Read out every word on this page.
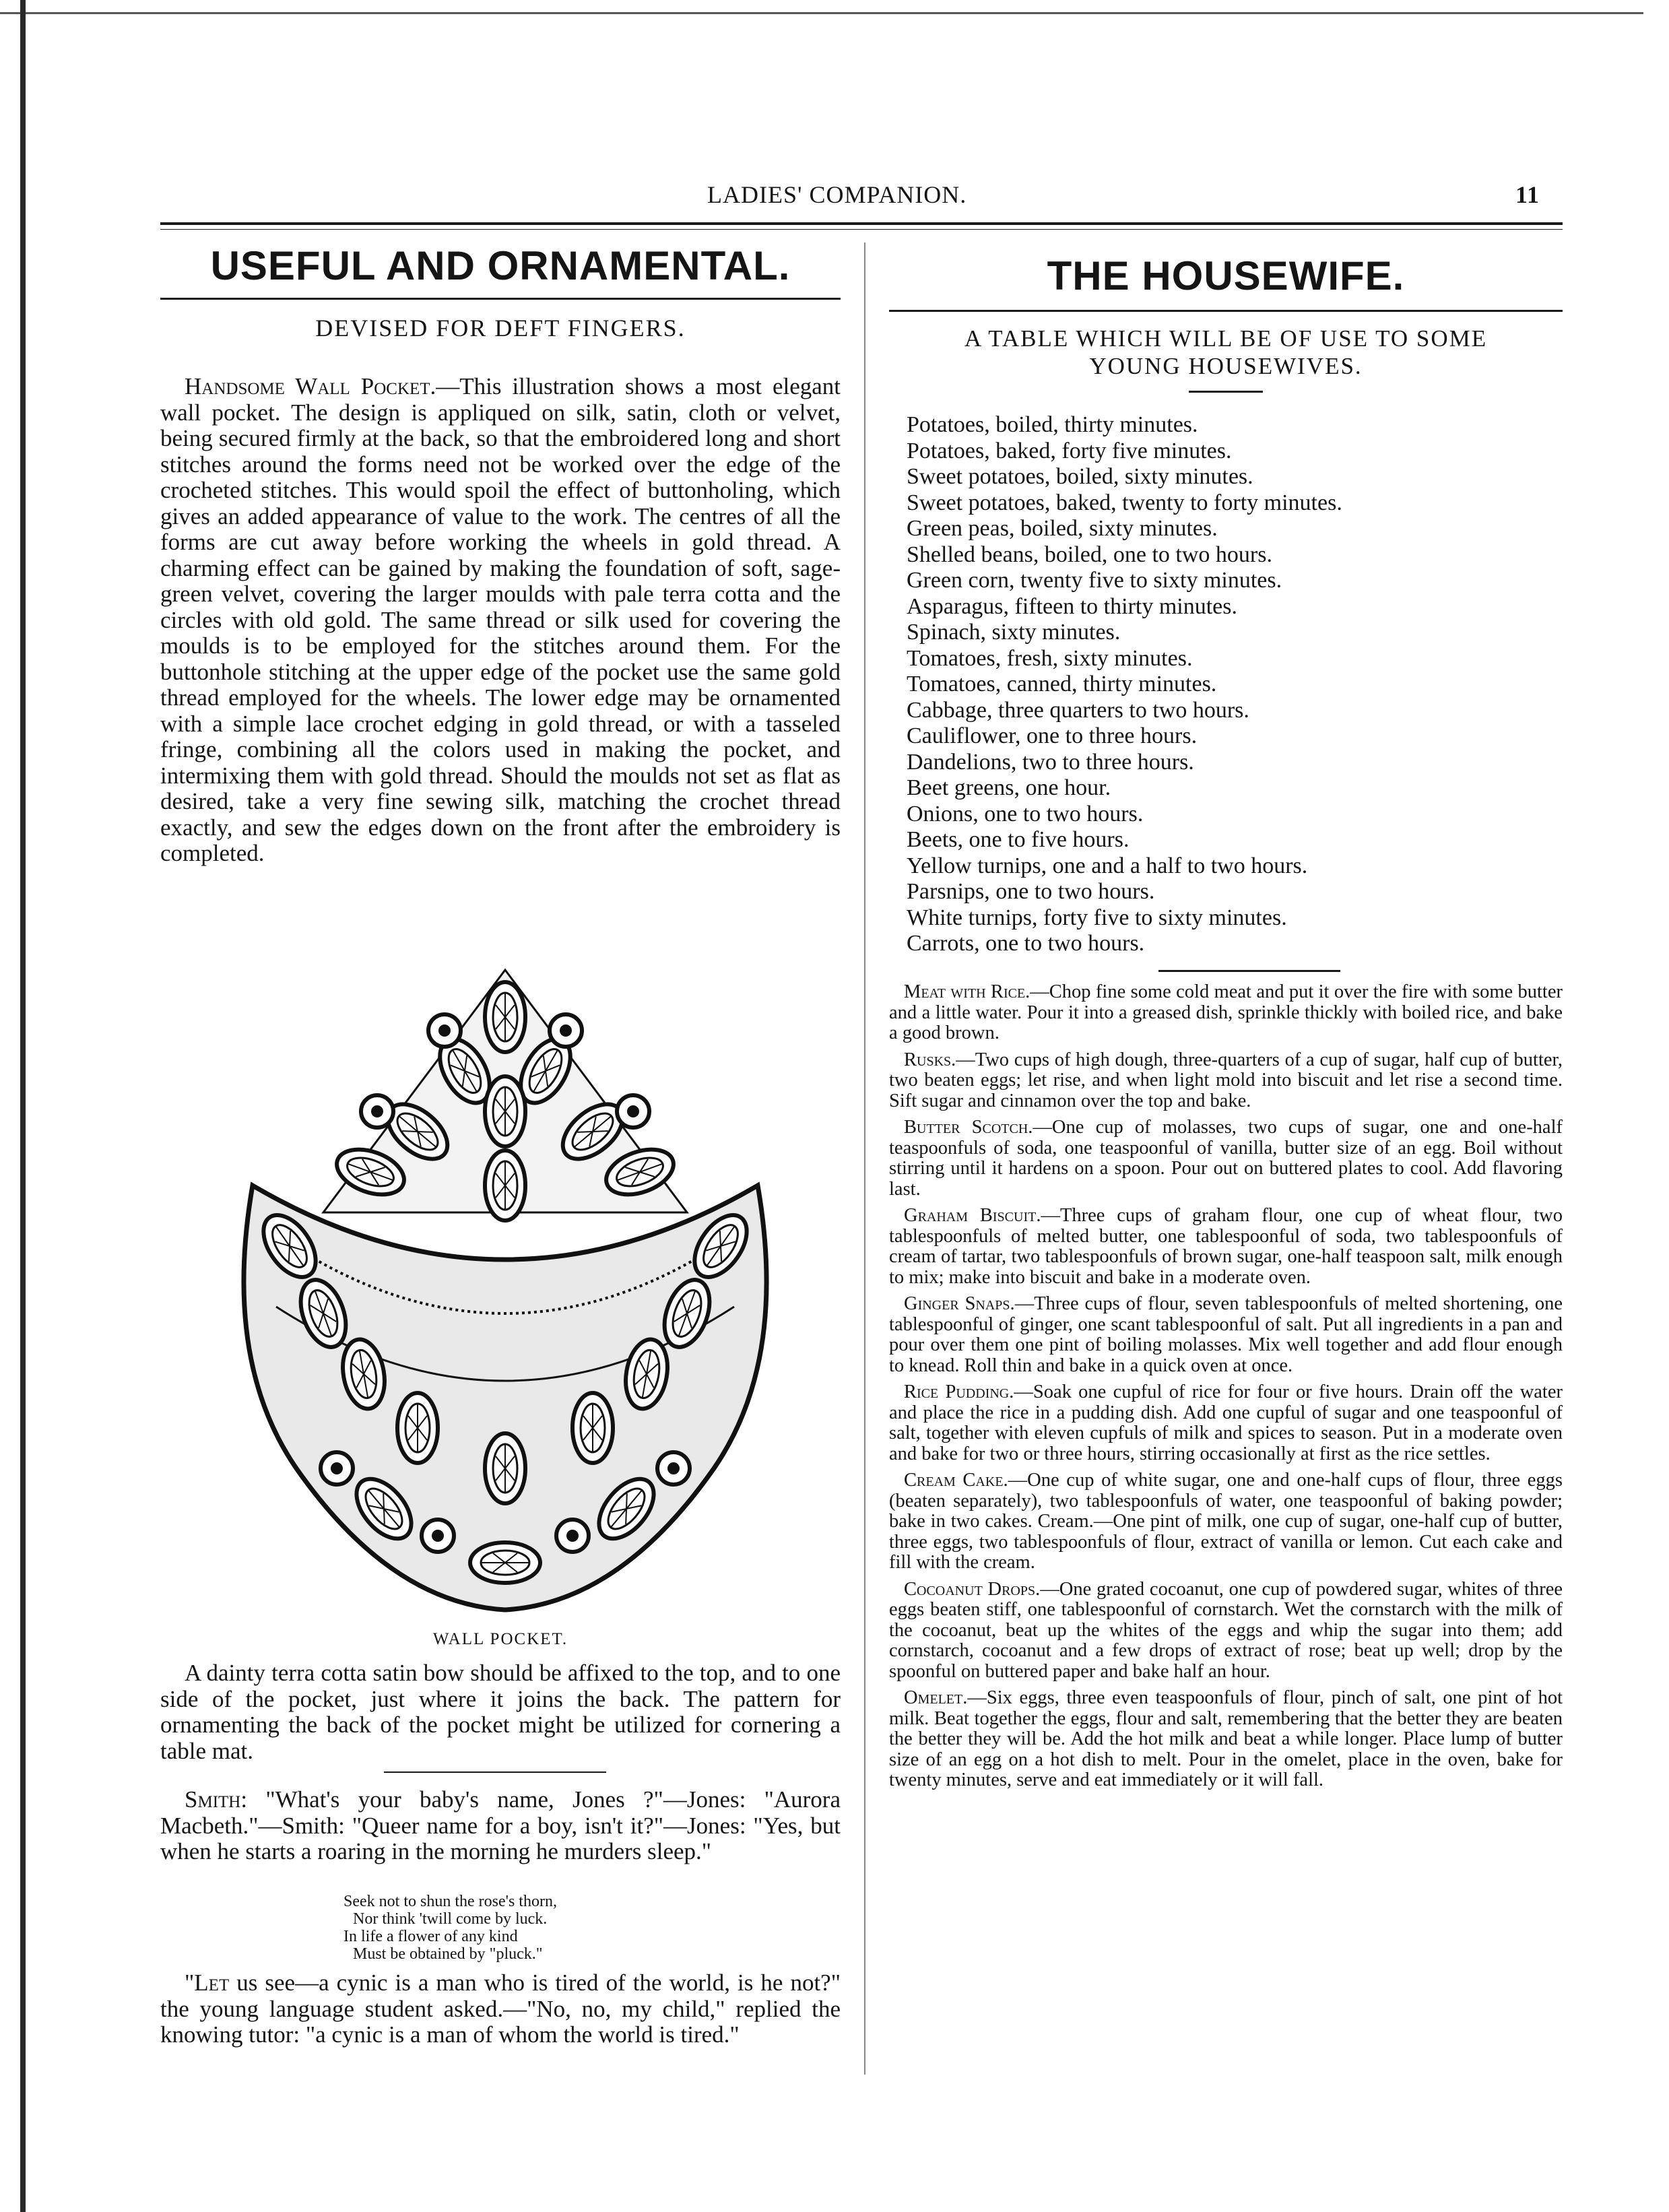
LADIES' COMPANION.	11
USEFUL AND ORNAMENTAL.
DEVISED FOR DEFT FINGERS.
Handsome Wall Pocket.—This illustration shows a most elegant wall pocket. The design is appliqued on silk, satin, cloth or velvet, being secured firmly at the back, so that the embroidered long and short stitches around the forms need not be worked over the edge of the crocheted stitches. This would spoil the effect of buttonholing, which gives an added appearance of value to the work. The centres of all the forms are cut away before working the wheels in gold thread. A charming effect can be gained by making the foundation of soft, sage-green velvet, covering the larger moulds with pale terra cotta and the circles with old gold. The same thread or silk used for covering the moulds is to be employed for the stitches around them. For the buttonhole stitching at the upper edge of the pocket use the same gold thread employed for the wheels. The lower edge may be ornamented with a simple lace crochet edging in gold thread, or with a tasseled fringe, combining all the colors used in making the pocket, and intermixing them with gold thread. Should the moulds not set as flat as desired, take a very fine sewing silk, matching the crochet thread exactly, and sew the edges down on the front after the embroidery is completed.
WALL POCKET.
A dainty terra cotta satin bow should be affixed to the top, and to one side of the pocket, just where it joins the back. The pattern for ornamenting the back of the pocket might be utilized for cornering a table mat.
Smith: "What's your baby's name, Jones ?"—Jones: "Aurora Macbeth."—Smith: "Queer name for a boy, isn't it?"—Jones: "Yes, but when he starts a roaring in the morning he murders sleep."
Seek not to shun the rose's thorn,
Nor think 'twill come by luck.
In life a flower of any kind
Must be obtained by "pluck."
"Let us see—a cynic is a man who is tired of the world, is he not?" the young language student asked.—"No, no, my child," replied the knowing tutor: "a cynic is a man of whom the world is tired."
THE HOUSEWIFE.
A TABLE WHICH WILL BE OF USE TO SOME
YOUNG HOUSEWIVES.
Potatoes, boiled, thirty minutes.
Potatoes, baked, forty five minutes.
Sweet potatoes, boiled, sixty minutes.
Sweet potatoes, baked, twenty to forty minutes.
Green peas, boiled, sixty minutes.
Shelled beans, boiled, one to two hours.
Green corn, twenty five to sixty minutes.
Asparagus, fifteen to thirty minutes.
Spinach, sixty minutes.
Tomatoes, fresh, sixty minutes.
Tomatoes, canned, thirty minutes.
Cabbage, three quarters to two hours.
Cauliflower, one to three hours.
Dandelions, two to three hours.
Beet greens, one hour.
Onions, one to two hours.
Beets, one to five hours.
Yellow turnips, one and a half to two hours.
Parsnips, one to two hours.
White turnips, forty five to sixty minutes.
Carrots, one to two hours.

Meat with Rice.—Chop fine some cold meat and put it over the fire with some butter and a little water. Pour it into a greased dish, sprinkle thickly with boiled rice, and bake a good brown.

Rusks.—Two cups of high dough, three-quarters of a cup of sugar, half cup of butter, two beaten eggs; let rise, and when light mold into biscuit and let rise a second time. Sift sugar and cinnamon over the top and bake.

Butter Scotch.—One cup of molasses, two cups of sugar, one and one-half teaspoonfuls of soda, one teaspoonful of vanilla, butter size of an egg. Boil without stirring until it hardens on a spoon. Pour out on buttered plates to cool. Add flavoring last.

Graham Biscuit.—Three cups of graham flour, one cup of wheat flour, two tablespoonfuls of melted butter, one tablespoonful of soda, two tablespoonfuls of cream of tartar, two tablespoonfuls of brown sugar, one-half teaspoon salt, milk enough to mix; make into biscuit and bake in a moderate oven.

Ginger Snaps.—Three cups of flour, seven tablespoonfuls of melted shortening, one tablespoonful of ginger, one scant tablespoonful of salt. Put all ingredients in a pan and pour over them one pint of boiling molasses. Mix well together and add flour enough to knead. Roll thin and bake in a quick oven at once.

Rice Pudding.—Soak one cupful of rice for four or five hours. Drain off the water and place the rice in a pudding dish. Add one cupful of sugar and one teaspoonful of salt, together with eleven cupfuls of milk and spices to season. Put in a moderate oven and bake for two or three hours, stirring occasionally at first as the rice settles.

Cream Cake.—One cup of white sugar, one and one-half cups of flour, three eggs (beaten separately), two tablespoonfuls of water, one teaspoonful of baking powder; bake in two cakes. Cream.—One pint of milk, one cup of sugar, one-half cup of butter, three eggs, two tablespoonfuls of flour, extract of vanilla or lemon. Cut each cake and fill with the cream.

Cocoanut Drops.—One grated cocoanut, one cup of powdered sugar, whites of three eggs beaten stiff, one tablespoonful of cornstarch. Wet the cornstarch with the milk of the cocoanut, beat up the whites of the eggs and whip the sugar into them; add cornstarch, cocoanut and a few drops of extract of rose; beat up well; drop by the spoonful on buttered paper and bake half an hour.

Omelet.—Six eggs, three even teaspoonfuls of flour, pinch of salt, one pint of hot milk. Beat together the eggs, flour and salt, remembering that the better they are beaten the better they will be. Add the hot milk and beat a while longer. Place lump of butter size of an egg on a hot dish to melt. Pour in the omelet, place in the oven, bake for twenty minutes, serve and eat immediately or it will fall.
